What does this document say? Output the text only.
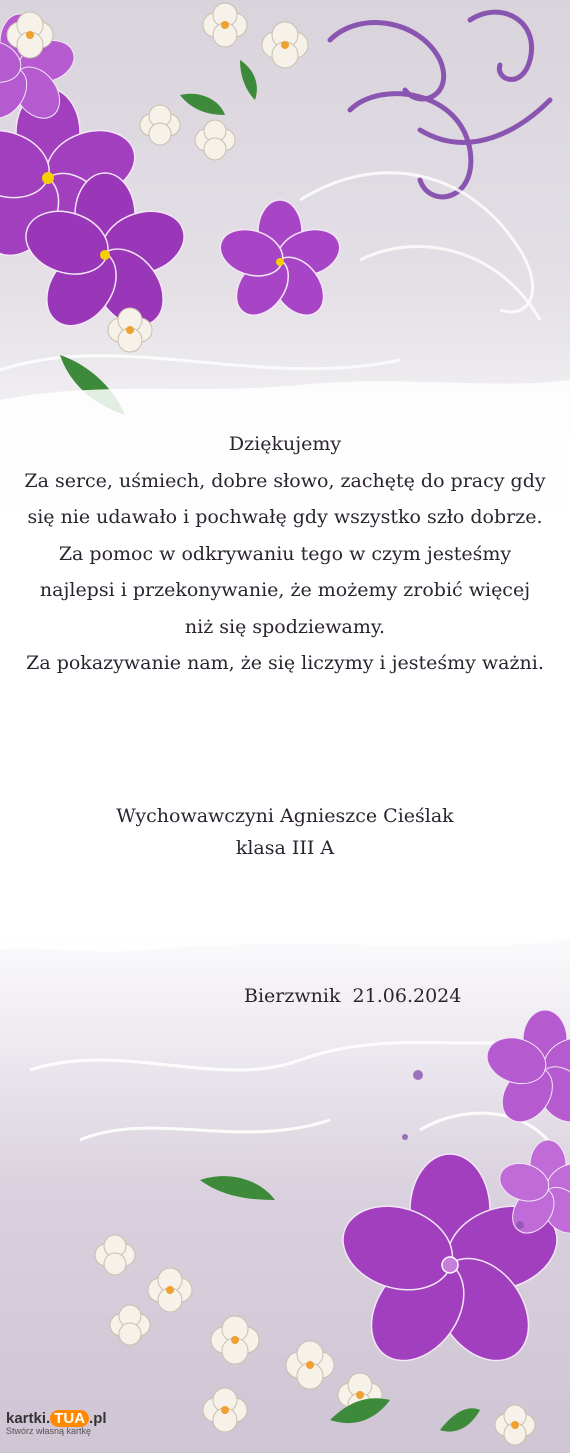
Dziękujemy
Za serce, uśmiech, dobre słowo, zachętę do pracy gdy
się nie udawało i pochwałę gdy wszystko szło dobrze.
Za pomoc w odkrywaniu tego w czym jesteśmy
najlepsi i przekonywanie, że możemy zrobić więcej
niż się spodziewamy.
Za pokazywanie nam, że się liczymy i jesteśmy ważni.
Wychowawczyni Agnieszce Cieślak
klasa III A
Bierzwnik  21.06.2024
kartki. TUA .pl
Stwórz własną kartkę
